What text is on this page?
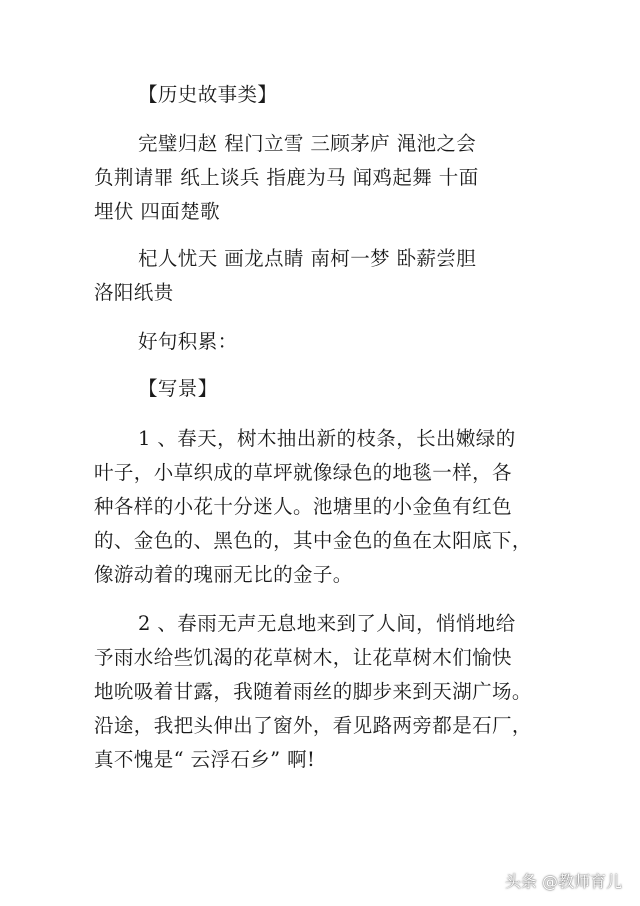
【历史故事类】
完璧归赵 程门立雪 三顾茅庐 渑池之会
负荆请罪 纸上谈兵 指鹿为马 闻鸡起舞 十面
埋伏 四面楚歌
杞人忧天 画龙点睛 南柯一梦 卧薪尝胆
洛阳纸贵
好句积累：
【写景】
1 、春天，树木抽出新的枝条，长出嫩绿的
叶子，小草织成的草坪就像绿色的地毯一样，各
种各样的小花十分迷人。池塘里的小金鱼有红色
的、金色的、黑色的，其中金色的鱼在太阳底下，
像游动着的瑰丽无比的金子。
2 、春雨无声无息地来到了人间，悄悄地给
予雨水给些饥渴的花草树木，让花草树木们愉快
地吮吸着甘露，我随着雨丝的脚步来到天湖广场。
沿途，我把头伸出了窗外，看见路两旁都是石厂，
真不愧是“ 云浮石乡” 啊!
头条 @教师育儿
